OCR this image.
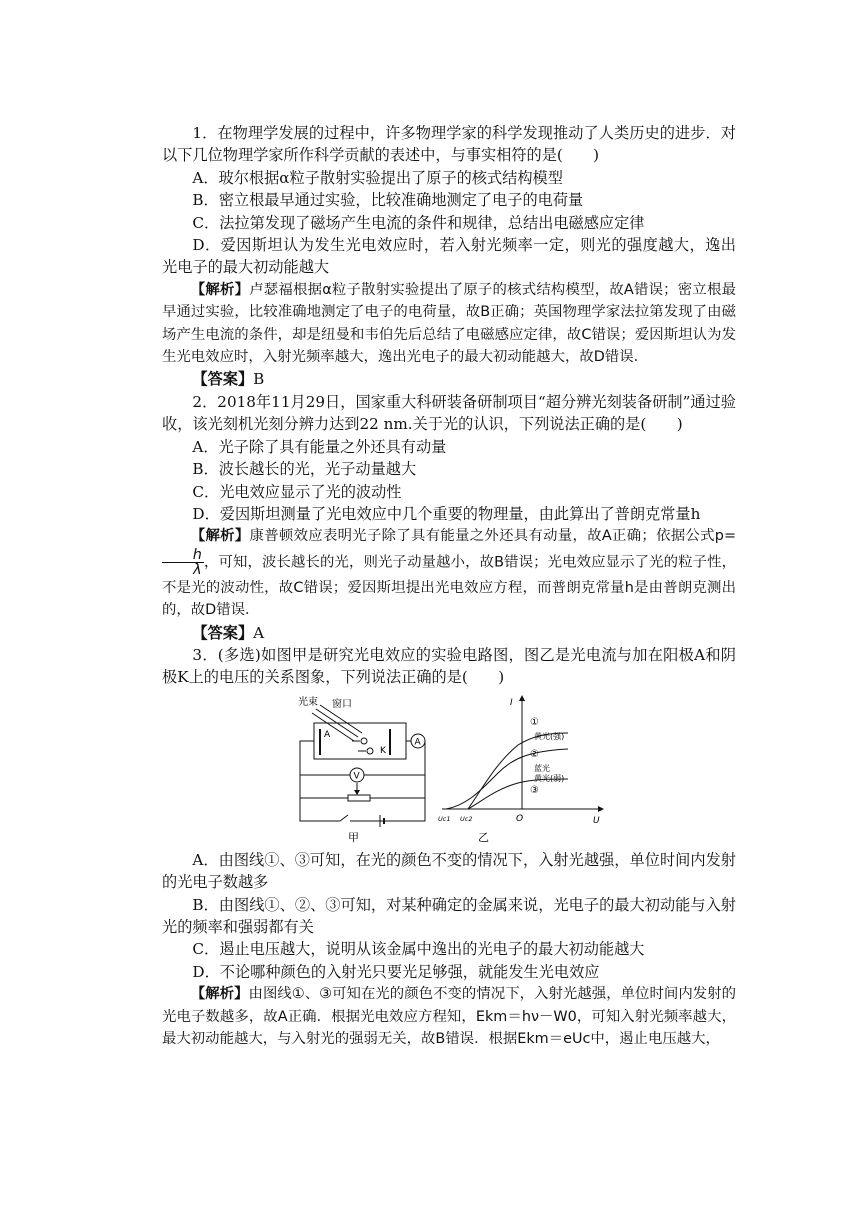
1．在物理学发展的过程中，许多物理学家的科学发现推动了人类历史的进步．对以下几位物理学家所作科学贡献的表述中，与事实相符的是(　　)

A．玻尔根据α粒子散射实验提出了原子的核式结构模型

B．密立根最早通过实验，比较准确地测定了电子的电荷量

C．法拉第发现了磁场产生电流的条件和规律，总结出电磁感应定律

D．爱因斯坦认为发生光电效应时，若入射光频率一定，则光的强度越大，逸出光电子的最大初动能越大

【解析】卢瑟福根据α粒子散射实验提出了原子的核式结构模型，故A错误；密立根最早通过实验，比较准确地测定了电子的电荷量，故B正确；英国物理学家法拉第发现了由磁场产生电流的条件，却是纽曼和韦伯先后总结了电磁感应定律，故C错误；爱因斯坦认为发生光电效应时，入射光频率越大，逸出光电子的最大初动能越大，故D错误．

【答案】B

2．2018年11月29日，国家重大科研装备研制项目“超分辨光刻装备研制”通过验收，该光刻机光刻分辨力达到22 nm.关于光的认识，下列说法正确的是(　　)

A．光子除了具有能量之外还具有动量

B．波长越长的光，光子动量越大

C．光电效应显示了光的波动性

D．爱因斯坦测量了光电效应中几个重要的物理量，由此算出了普朗克常量h

【解析】康普顿效应表明光子除了具有能量之外还具有动量，故A正确；依据公式p=
$\frac{h}{\lambda}$ ，可知，波长越长的光，则光子动量越小，故B错误；光电效应显示了光的粒子性，不是光的波动性，故C错误；爱因斯坦提出光电效应方程，而普朗克常量h是由普朗克测出的，故D错误．

【答案】A

3．(多选)如图甲是研究光电效应的实验电路图，图乙是光电流与加在阳极A和阴极K上的电压的关系图象，下列说法正确的是(　　)

光束 窗口
A
K
A
V
甲
I
U
O
Uc1 Uc2
①
黄光(强)
②
蓝光
③
黄光(弱)
乙

A．由图线①、③可知，在光的颜色不变的情况下，入射光越强，单位时间内发射的光电子数越多

B．由图线①、②、③可知，对某种确定的金属来说，光电子的最大初动能与入射光的频率和强弱都有关

C．遏止电压越大，说明从该金属中逸出的光电子的最大初动能越大

D．不论哪种颜色的入射光只要光足够强，就能发生光电效应

【解析】由图线①、③可知在光的颜色不变的情况下，入射光越强，单位时间内发射的光电子数越多，故A正确．根据光电效应方程知，Ekm＝hν－W0，可知入射光频率越大，最大初动能越大，与入射光的强弱无关，故B错误．根据Ekm＝eUc中，遏止电压越大，
